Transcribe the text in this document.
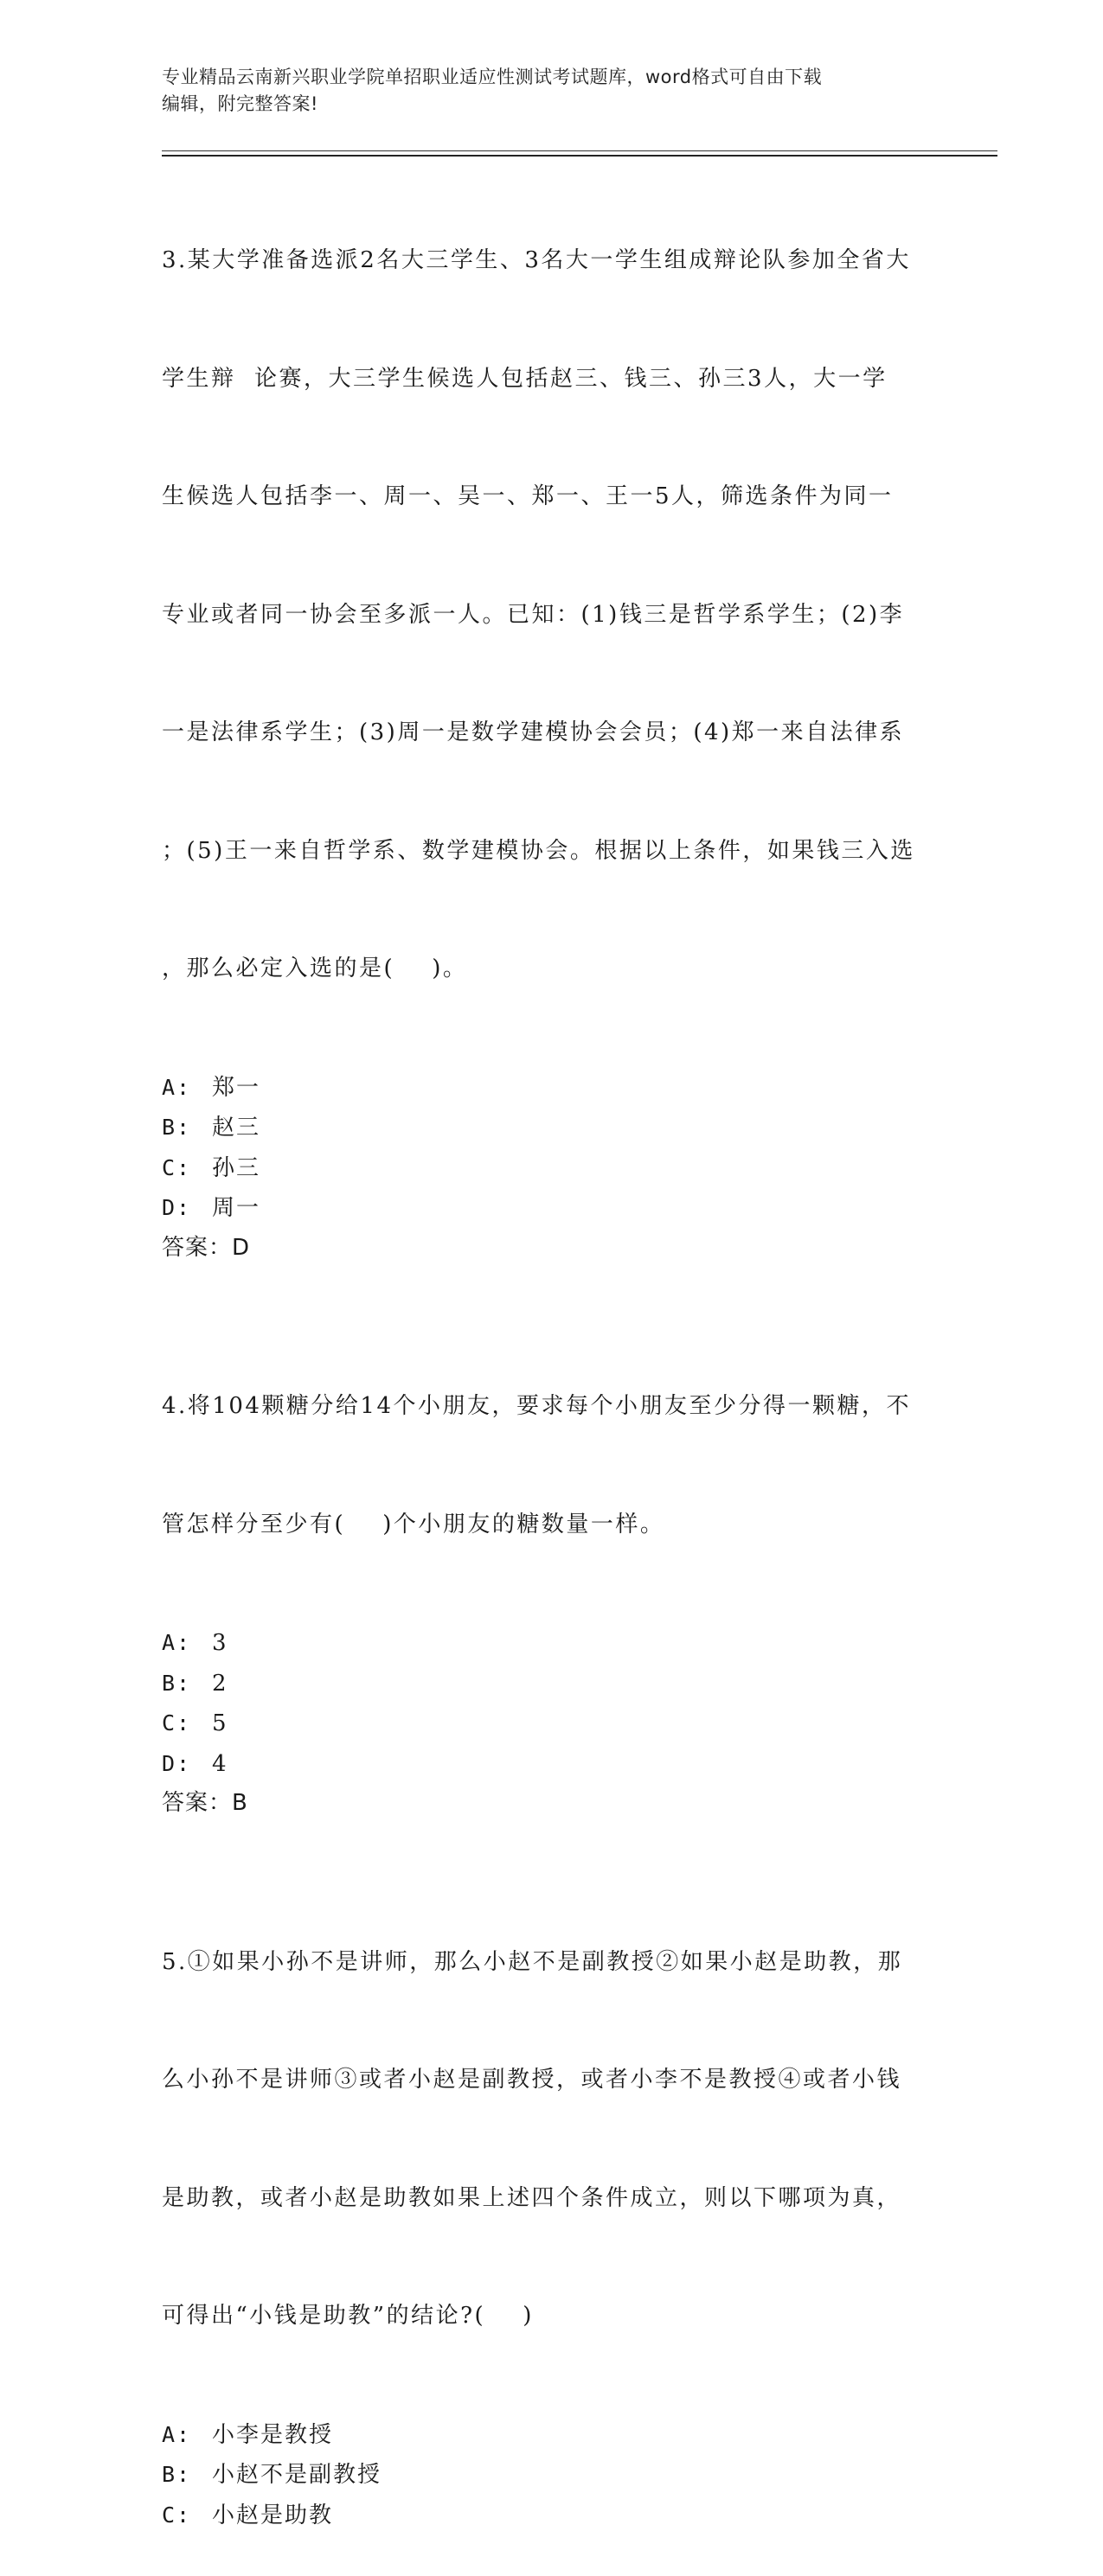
专业精品云南新兴职业学院单招职业适应性测试考试题库，word格式可自由下载
编辑，附完整答案!

3.某大学准备选派2名大三学生、3名大一学生组成辩论队参加全省大

学生辩  论赛，大三学生候选人包括赵三、钱三、孙三3人，大一学

生候选人包括李一、周一、吴一、郑一、王一5人，筛选条件为同一

专业或者同一协会至多派一人。已知：(1)钱三是哲学系学生；(2)李

一是法律系学生；(3)周一是数学建模协会会员；(4)郑一来自法律系

；(5)王一来自哲学系、数学建模协会。根据以上条件，如果钱三入选

，那么必定入选的是(    )。

A: 郑一
B: 赵三
C: 孙三
D: 周一
答案：D

4.将104颗糖分给14个小朋友，要求每个小朋友至少分得一颗糖，不

管怎样分至少有(    )个小朋友的糖数量一样。

A: 3
B: 2
C: 5
D: 4
答案：B

5.①如果小孙不是讲师，那么小赵不是副教授②如果小赵是助教，那

么小孙不是讲师③或者小赵是副教授，或者小李不是教授④或者小钱

是助教，或者小赵是助教如果上述四个条件成立，则以下哪项为真，

可得出“小钱是助教”的结论?(    )

A: 小李是教授
B: 小赵不是副教授
C: 小赵是助教
